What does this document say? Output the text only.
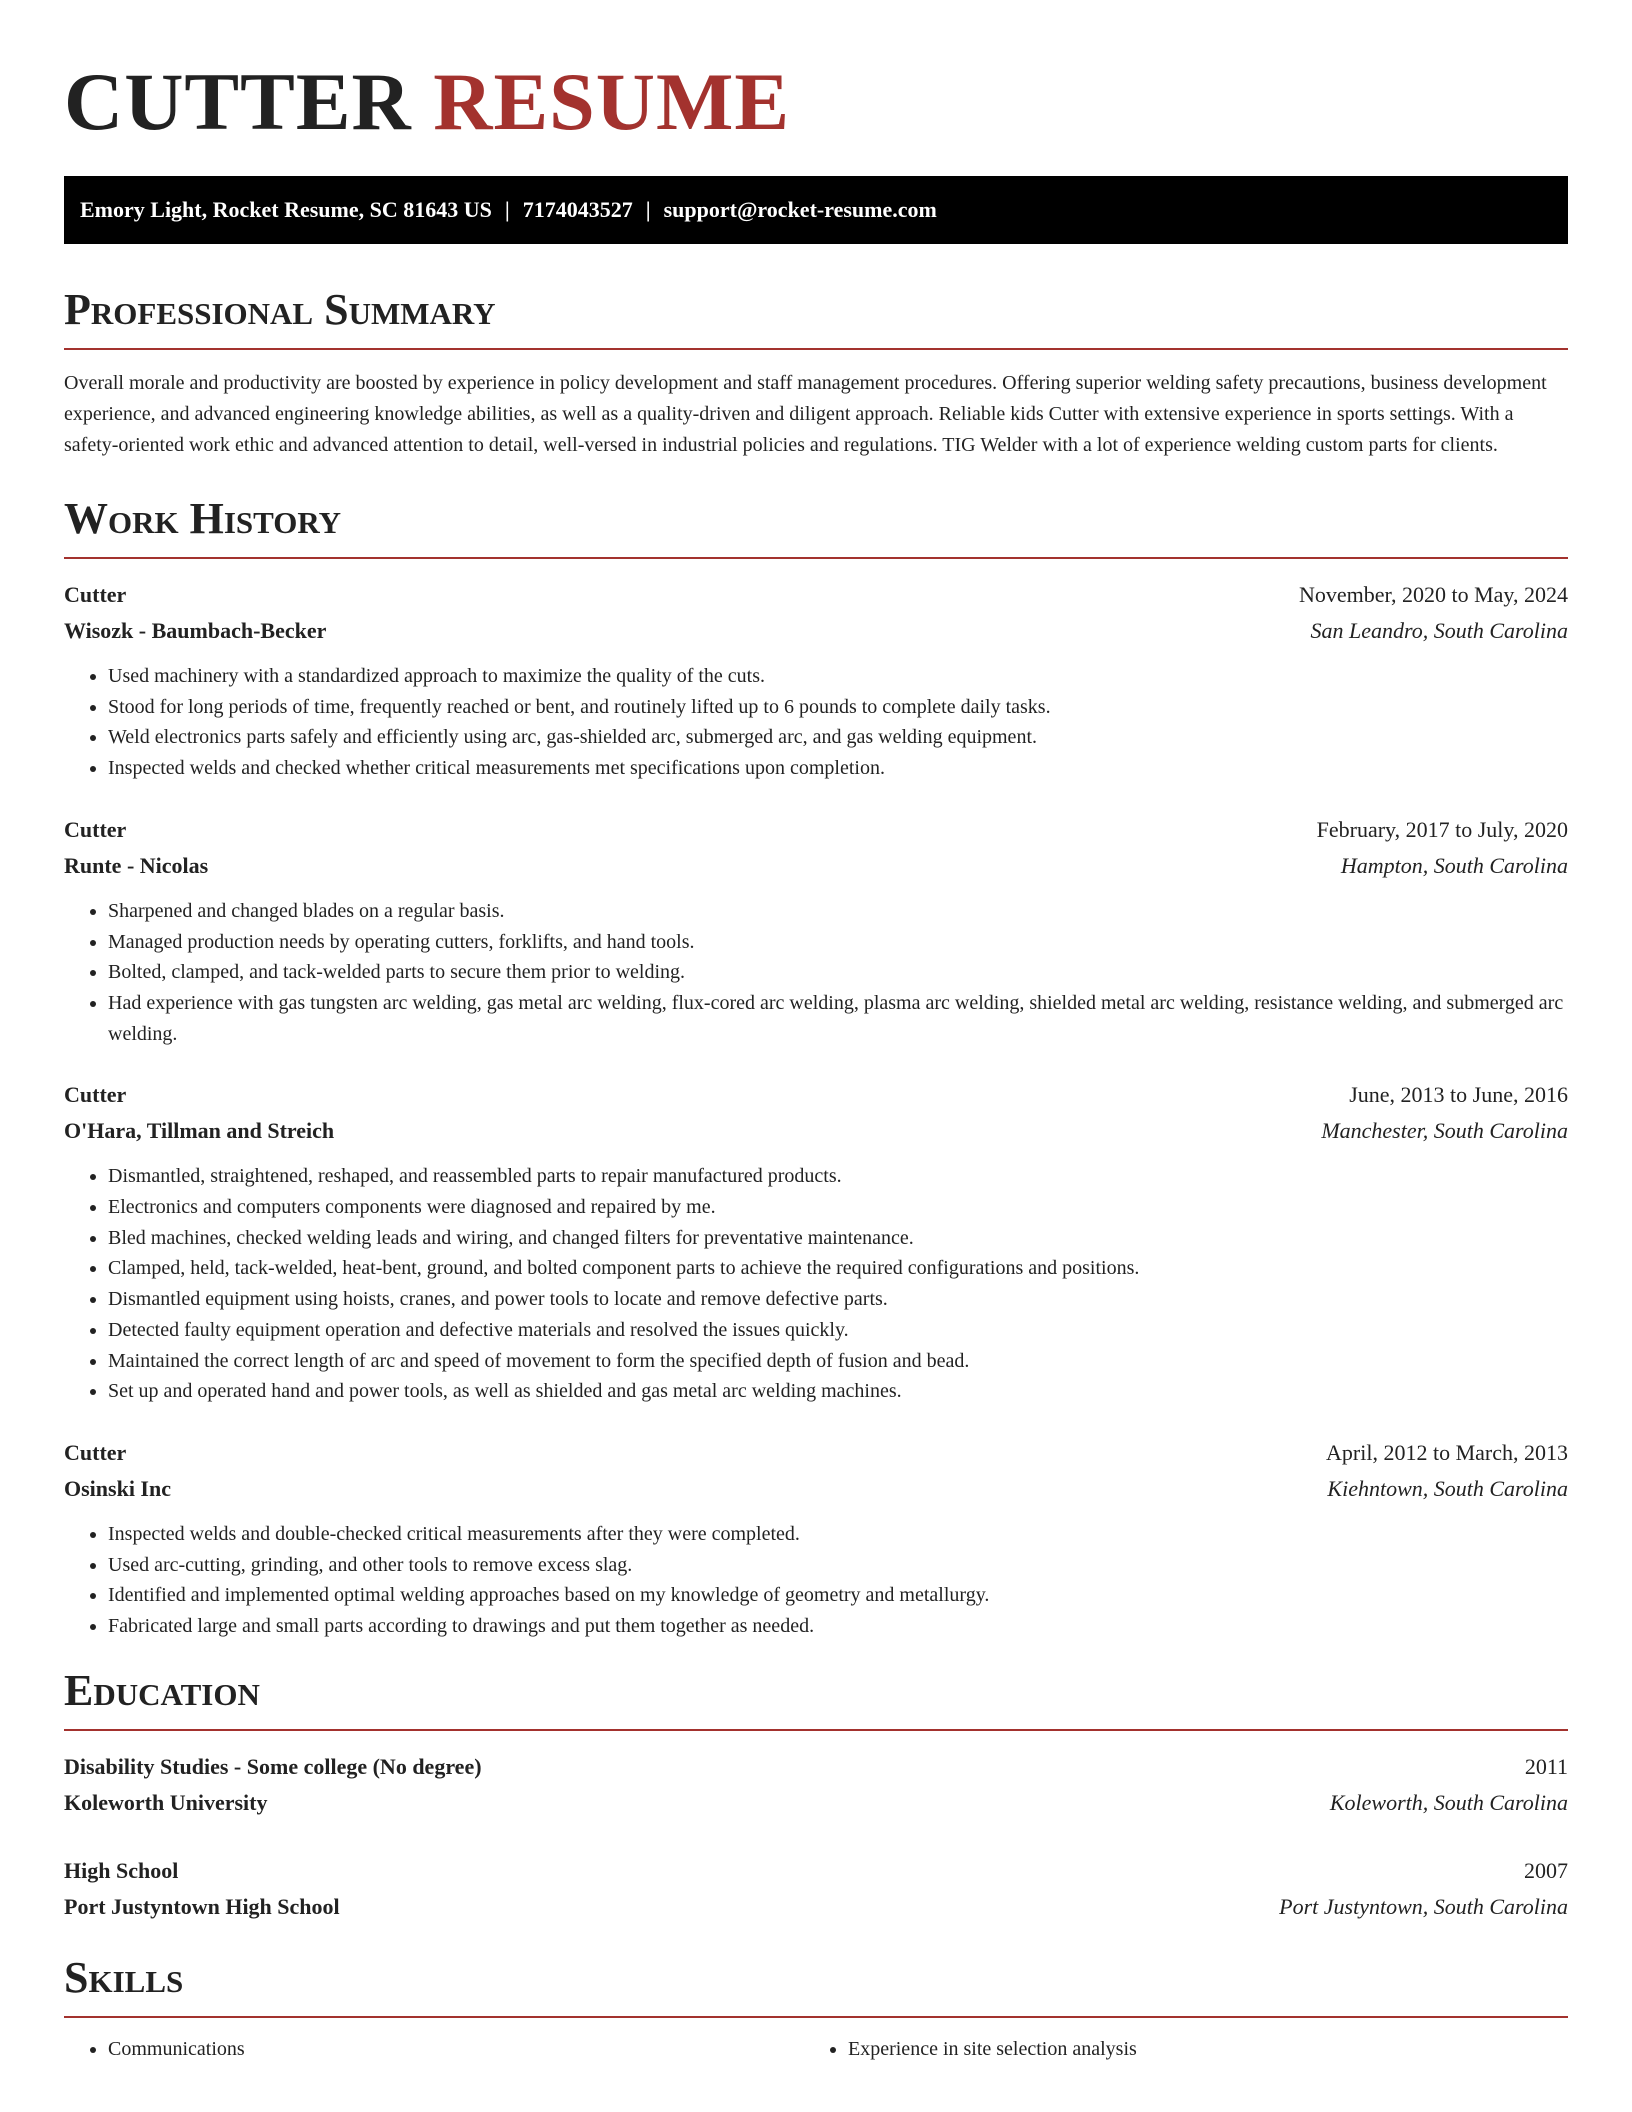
CUTTER RESUME
Emory Light, Rocket Resume, SC 81643 US | 7174043527 | support@rocket-resume.com
Professional Summary

Overall morale and productivity are boosted by experience in policy development and staff management procedures. Offering superior welding safety precautions, business development experience, and advanced engineering knowledge abilities, as well as a quality-driven and diligent approach. Reliable kids Cutter with extensive experience in sports settings. With a safety-oriented work ethic and advanced attention to detail, well-versed in industrial policies and regulations. TIG Welder with a lot of experience welding custom parts for clients.

Work History
Cutter	November, 2020 to May, 2024
Wisozk - Baumbach-Becker	San Leandro, South Carolina
• Used machinery with a standardized approach to maximize the quality of the cuts.
• Stood for long periods of time, frequently reached or bent, and routinely lifted up to 6 pounds to complete daily tasks.
• Weld electronics parts safely and efficiently using arc, gas-shielded arc, submerged arc, and gas welding equipment.
• Inspected welds and checked whether critical measurements met specifications upon completion.
Cutter	February, 2017 to July, 2020
Runte - Nicolas	Hampton, South Carolina
• Sharpened and changed blades on a regular basis.
• Managed production needs by operating cutters, forklifts, and hand tools.
• Bolted, clamped, and tack-welded parts to secure them prior to welding.
• Had experience with gas tungsten arc welding, gas metal arc welding, flux-cored arc welding, plasma arc welding, shielded metal arc welding, resistance welding, and submerged arc welding.
Cutter	June, 2013 to June, 2016
O'Hara, Tillman and Streich	Manchester, South Carolina
• Dismantled, straightened, reshaped, and reassembled parts to repair manufactured products.
• Electronics and computers components were diagnosed and repaired by me.
• Bled machines, checked welding leads and wiring, and changed filters for preventative maintenance.
• Clamped, held, tack-welded, heat-bent, ground, and bolted component parts to achieve the required configurations and positions.
• Dismantled equipment using hoists, cranes, and power tools to locate and remove defective parts.
• Detected faulty equipment operation and defective materials and resolved the issues quickly.
• Maintained the correct length of arc and speed of movement to form the specified depth of fusion and bead.
• Set up and operated hand and power tools, as well as shielded and gas metal arc welding machines.
Cutter	April, 2012 to March, 2013
Osinski Inc	Kiehntown, South Carolina
• Inspected welds and double-checked critical measurements after they were completed.
• Used arc-cutting, grinding, and other tools to remove excess slag.
• Identified and implemented optimal welding approaches based on my knowledge of geometry and metallurgy.
• Fabricated large and small parts according to drawings and put them together as needed.
Education
Disability Studies - Some college (No degree)	2011
Koleworth University	Koleworth, South Carolina
High School	2007
Port Justyntown High School	Port Justyntown, South Carolina
Skills
• Communications
•	Experience in site selection analysis
